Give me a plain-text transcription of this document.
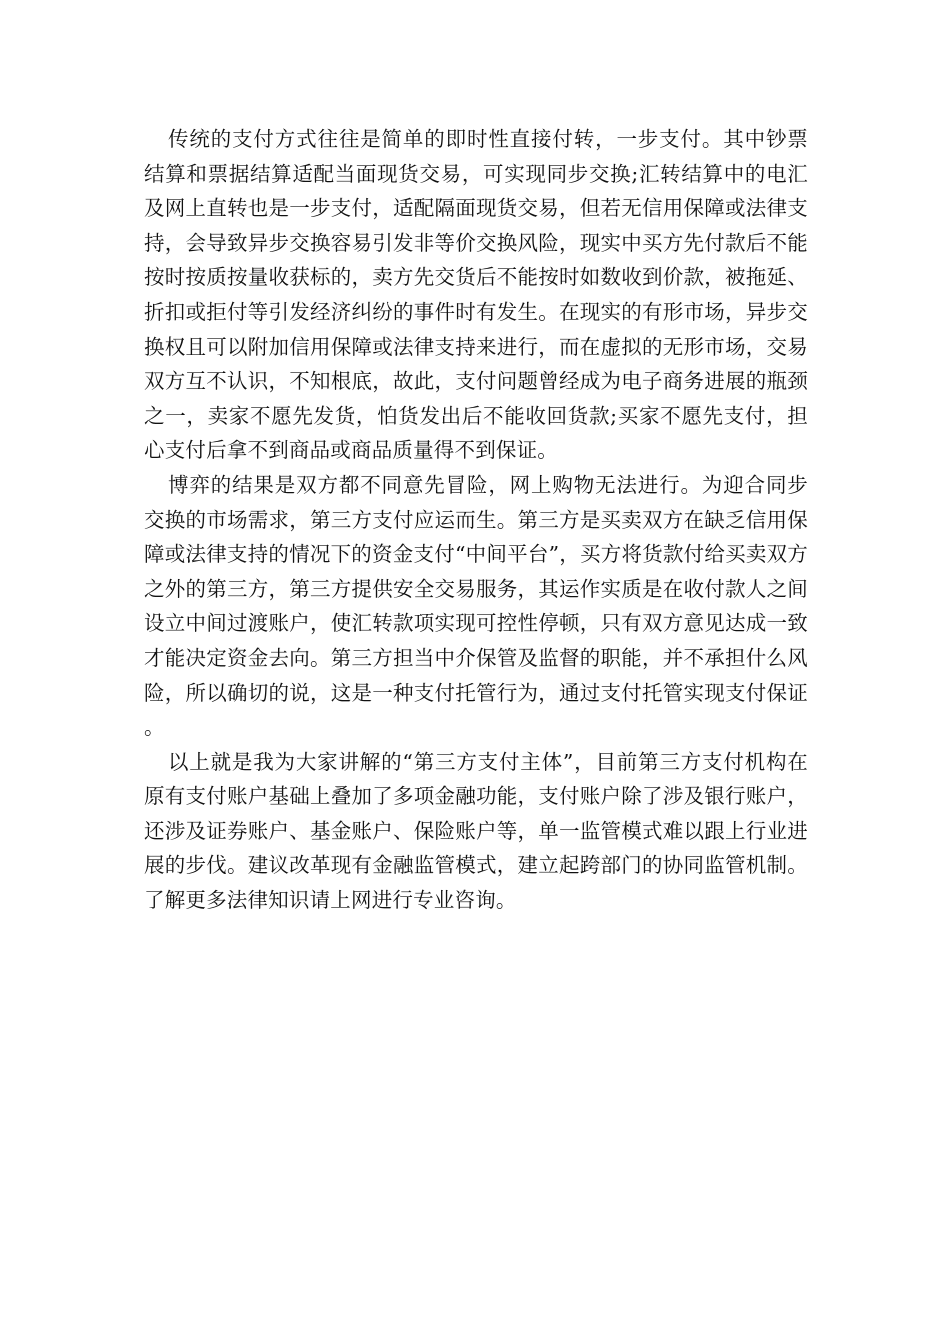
传统的支付方式往往是简单的即时性直接付转，一步支付。其中钞票结算和票据结算适配当面现货交易，可实现同步交换;汇转结算中的电汇及网上直转也是一步支付，适配隔面现货交易，但若无信用保障或法律支持，会导致异步交换容易引发非等价交换风险，现实中买方先付款后不能按时按质按量收获标的，卖方先交货后不能按时如数收到价款，被拖延、折扣或拒付等引发经济纠纷的事件时有发生。在现实的有形市场，异步交换权且可以附加信用保障或法律支持来进行，而在虚拟的无形市场，交易双方互不认识，不知根底，故此，支付问题曾经成为电子商务进展的瓶颈之一，卖家不愿先发货，怕货发出后不能收回货款;买家不愿先支付，担心支付后拿不到商品或商品质量得不到保证。

博弈的结果是双方都不同意先冒险，网上购物无法进行。为迎合同步交换的市场需求，第三方支付应运而生。第三方是买卖双方在缺乏信用保障或法律支持的情况下的资金支付“中间平台”，买方将货款付给买卖双方之外的第三方，第三方提供安全交易服务，其运作实质是在收付款人之间设立中间过渡账户，使汇转款项实现可控性停顿，只有双方意见达成一致才能决定资金去向。第三方担当中介保管及监督的职能，并不承担什么风险，所以确切的说，这是一种支付托管行为，通过支付托管实现支付保证。

以上就是我为大家讲解的“第三方支付主体”，目前第三方支付机构在原有支付账户基础上叠加了多项金融功能，支付账户除了涉及银行账户，还涉及证券账户、基金账户、保险账户等，单一监管模式难以跟上行业进展的步伐。建议改革现有金融监管模式，建立起跨部门的协同监管机制。了解更多法律知识请上网进行专业咨询。
